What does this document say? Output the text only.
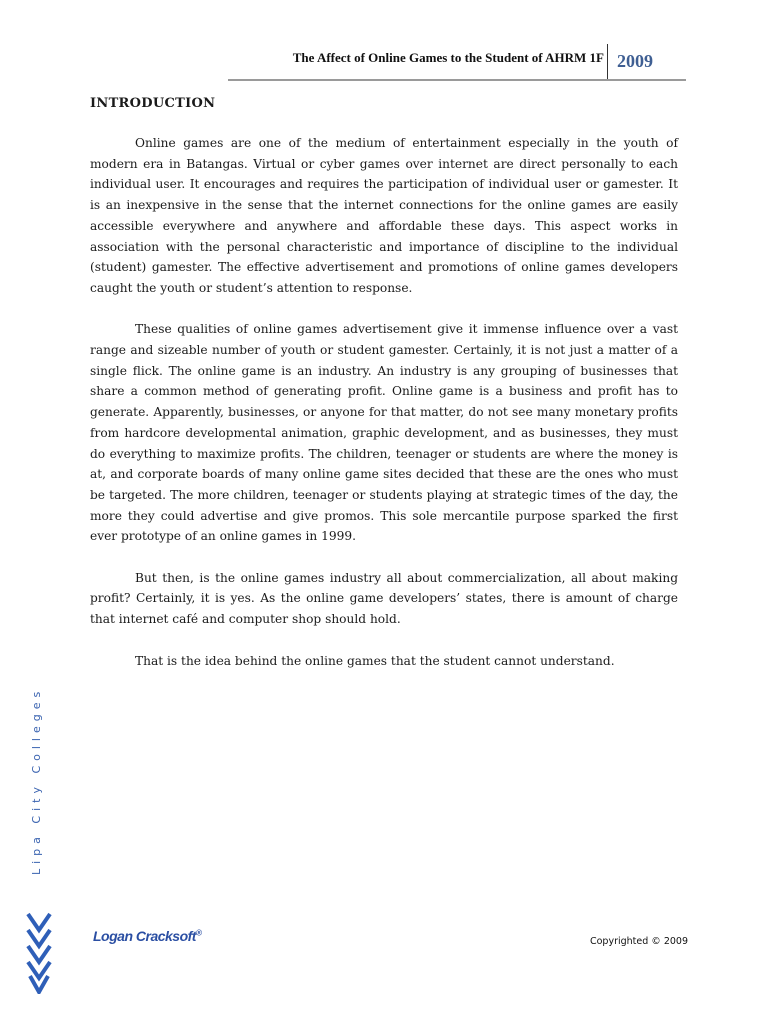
The Affect of Online Games to the Student of AHRM 1F 2009
INTRODUCTION

Online games are one of the medium of entertainment especially in the youth of modern era in Batangas. Virtual or cyber games over internet are direct personally to each individual user. It encourages and requires the participation of individual user or gamester. It is an inexpensive in the sense that the internet connections for the online games are easily accessible everywhere and anywhere and affordable these days. This aspect works in association with the personal characteristic and importance of discipline to the individual (student) gamester. The effective advertisement and promotions of online games developers caught the youth or student’s attention to response.

These qualities of online games advertisement give it immense influence over a vast range and sizeable number of youth or student gamester. Certainly, it is not just a matter of a single flick. The online game is an industry. An industry is any grouping of businesses that share a common method of generating profit. Online game is a business and profit has to generate. Apparently, businesses, or anyone for that matter, do not see many monetary profits from hardcore developmental animation, graphic development, and as businesses, they must do everything to maximize profits. The children, teenager or students are where the money is at, and corporate boards of many online game sites decided that these are the ones who must be targeted. The more children, teenager or students playing at strategic times of the day, the more they could advertise and give promos. This sole mercantile purpose sparked the first ever prototype of an online games in 1999.

But then, is the online games industry all about commercialization, all about making profit? Certainly, it is yes. As the online game developers’ states, there is amount of charge that internet café and computer shop should hold.

That is the idea behind the online games that the student cannot understand.

Lipa City Colleges
Logan Cracksoft®
Copyrighted © 2009
